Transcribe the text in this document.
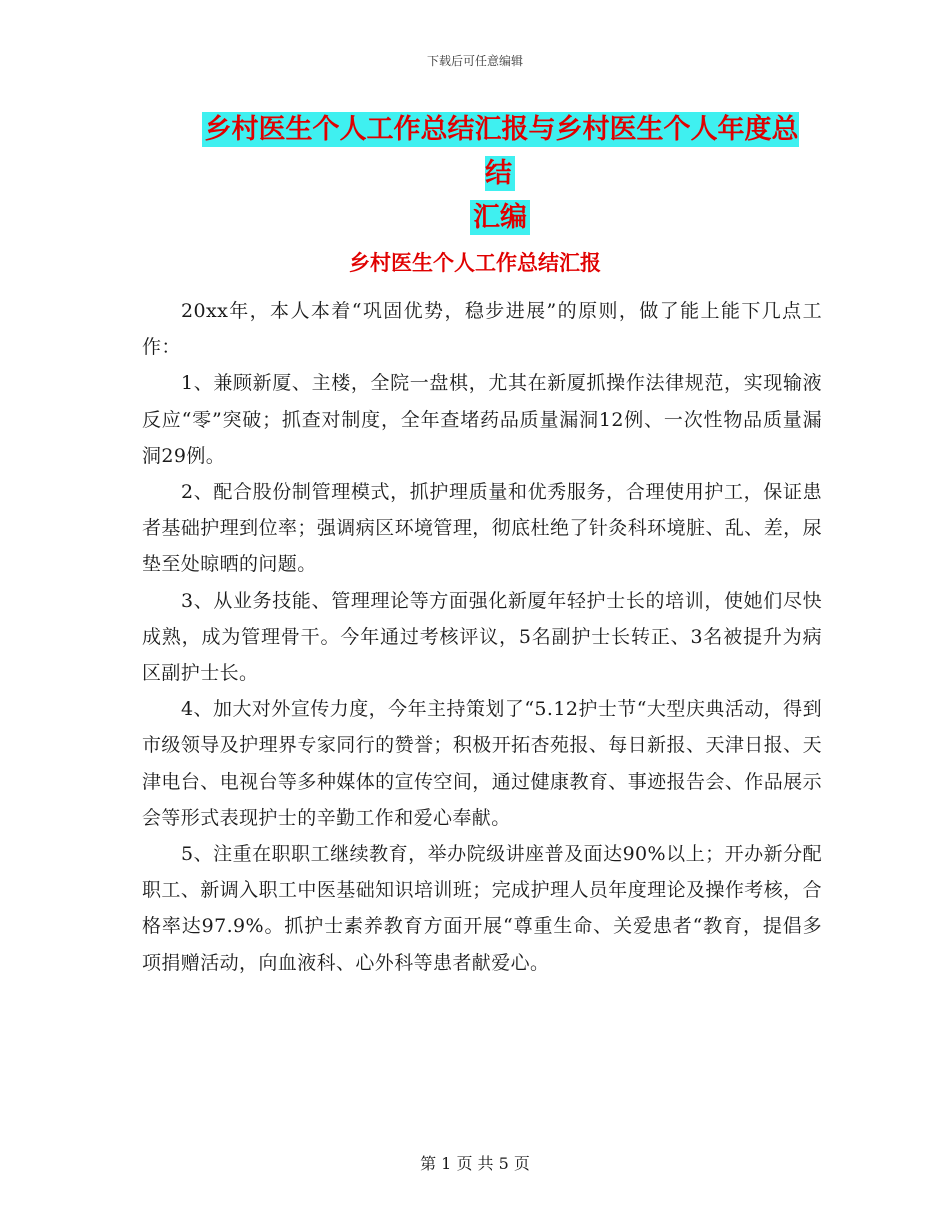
下载后可任意编辑
乡村医生个人工作总结汇报与乡村医生个人年度总结
汇编
乡村医生个人工作总结汇报

20xx年，本人本着“巩固优势，稳步进展”的原则，做了能上能下几点工作：

1、兼顾新厦、主楼，全院一盘棋，尤其在新厦抓操作法律规范，实现输液反应“零”突破；抓查对制度，全年查堵药品质量漏洞12例、一次性物品质量漏洞29例。

2、配合股份制管理模式，抓护理质量和优秀服务，合理使用护工，保证患者基础护理到位率；强调病区环境管理，彻底杜绝了针灸科环境脏、乱、差，尿垫至处晾晒的问题。

3、从业务技能、管理理论等方面强化新厦年轻护士长的培训，使她们尽快成熟，成为管理骨干。今年通过考核评议，5名副护士长转正、3名被提升为病区副护士长。

4、加大对外宣传力度，今年主持策划了“5.12护士节“大型庆典活动，得到市级领导及护理界专家同行的赞誉；积极开拓杏苑报、每日新报、天津日报、天津电台、电视台等多种媒体的宣传空间，通过健康教育、事迹报告会、作品展示会等形式表现护士的辛勤工作和爱心奉献。

5、注重在职职工继续教育，举办院级讲座普及面达90%以上；开办新分配职工、新调入职工中医基础知识培训班；完成护理人员年度理论及操作考核，合格率达97.9%。抓护士素养教育方面开展“尊重生命、关爱患者“教育，提倡多项捐赠活动，向血液科、心外科等患者献爱心。

第 1 页 共 5 页
